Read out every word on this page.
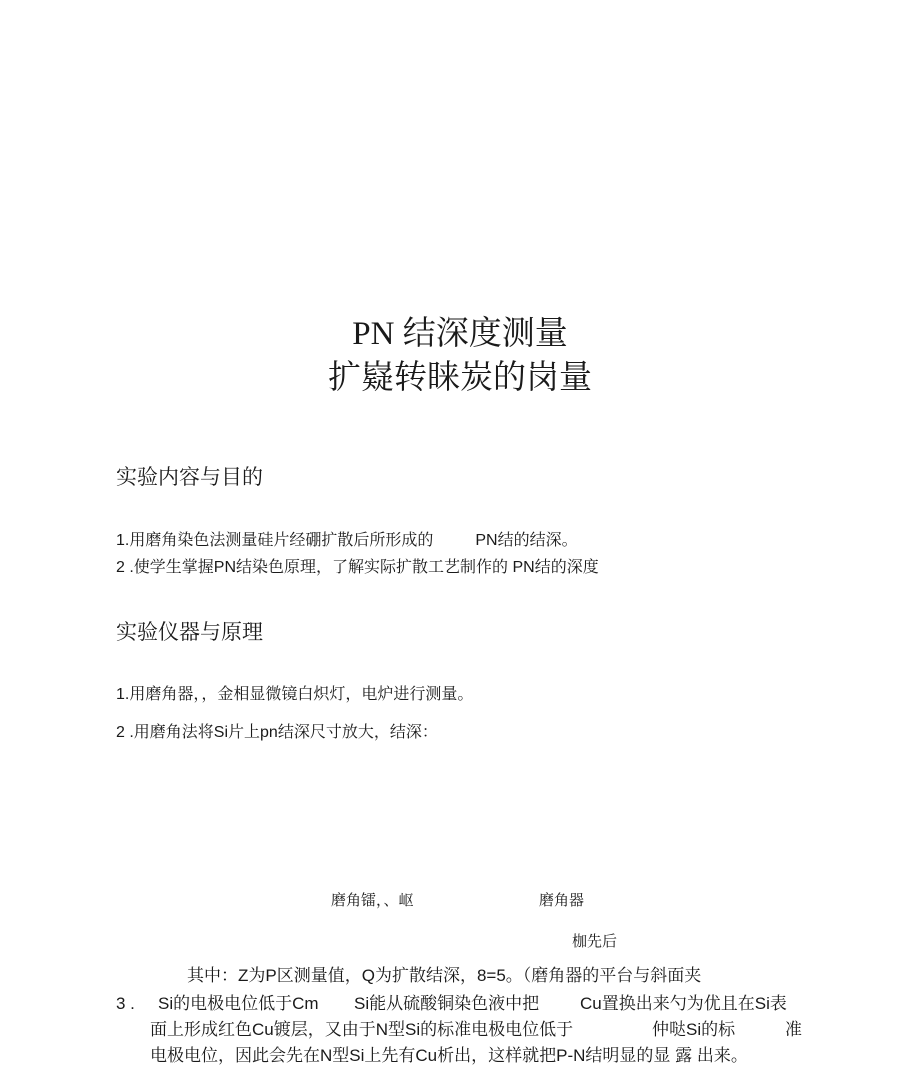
PN 结深度测量
扩嶷转睐炭的岗量
实验内容与目的
1.用磨角染色法测量硅片经硼扩散后所形成的	PN结的结深。
2 .使学生掌握PN结染色原理，了解实际扩散工艺制作的 PN结的深度
实验仪器与原理
1.用磨角器，，金相显微镜白炽灯，电炉进行测量。
2 .用磨角法将Si片上pn结深尺寸放大，结深：
磨角镭，、岖	磨角器
枷先后
其中：Z为P区测量值，Q为扩散结深，8=5。（磨角器的平台与斜面夹
3 . Si的电极电位低于Cm Si能从硫酸铜染色液中把 Cu置换出来勺为优且在Si表
面上形成红色Cu镀层，又由于N型Si的标准电极电位低于	仲哒Si的标	准
电极电位，因此会先在N型Si上先有Cu析出，这样就把P-N结明显的显 露 出来。
